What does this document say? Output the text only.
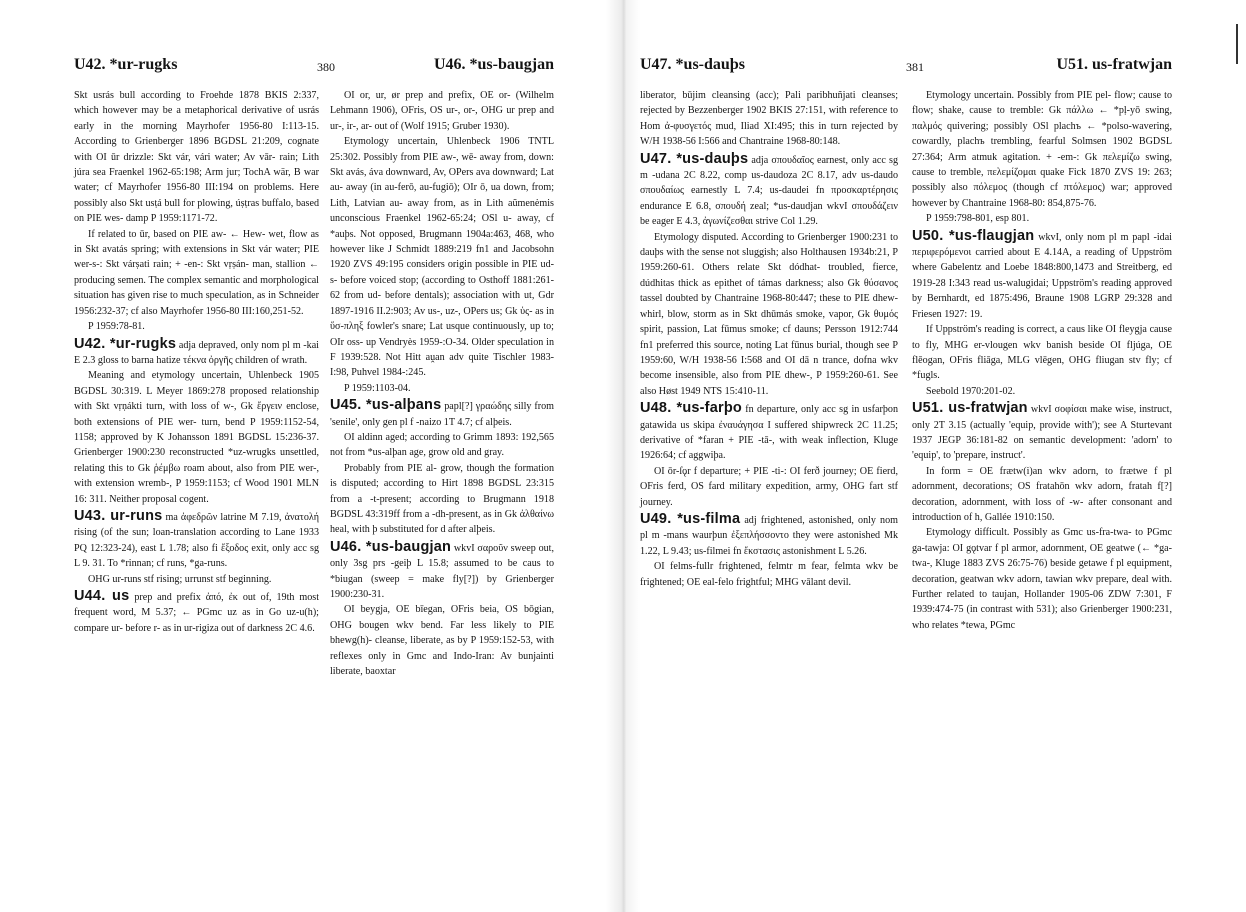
U42. *ur-rugks	380	U46. *us-baugjan

Skt usrás bull according to Froehde 1878 BKIS 2:337, which however may be a metaphorical derivative of usrás early in the morning Mayrhofer 1956-80 I:113-15. According to Grienberger 1896 BGDSL 21:209, cognate with OI ūr drizzle: Skt vár, vári water; Av vār- rain; Lith júra sea Fraenkel 1962-65:198; Arm jur; TochA wär, B war water; cf Mayrhofer 1956-80 III:194 on problems. Here possibly also Skt usṭá bull for plowing, úṣṭras buffalo, based on PIE wes- damp P 1959:1171-72.

If related to ūr, based on PIE aw- ← Hew- wet, flow as in Skt avatás spring; with extensions in Skt vár water; PIE wer-s-: Skt várṣati rain; + -en-: Skt vṛṣán- man, stallion ← producing semen. The complex semantic and morphological situation has given rise to much speculation, as in Schneider 1956:232-37; cf also Mayrhofer 1956-80 III:160,251-52.

P 1959:78-81.

U42. *ur-rugks adja depraved, only nom pl m -kai E 2.3 gloss to barna hatize τέκνα ὀργῆς children of wrath.

Meaning and etymology uncertain, Uhlenbeck 1905 BGDSL 30:319. L Meyer 1869:278 proposed relationship with Skt vṛṇákti turn, with loss of w-, Gk ἔργειν enclose, both extensions of PIE wer- turn, bend P 1959:1152-54, 1158; approved by K Johansson 1891 BGDSL 15:236-37. Grienberger 1900:230 reconstructed *uz-wrugks unsettled, relating this to Gk ῥέμβω roam about, also from PIE wer-, with extension wremb-, P 1959:1153; cf Wood 1901 MLN 16: 311. Neither proposal cogent.

U43. ur-runs ma ἀφεδρῶν latrine M 7.19, ἀνατολή rising (of the sun; loan-translation according to Lane 1933 PQ 12:323-24), east L 1.78; also fi ἔξοδος exit, only acc sg L 9. 31. To *rinnan; cf runs, *ga-runs.

OHG ur-runs stf rising; urrunst stf beginning.

U44. us prep and prefix ἀπό, ἐκ out of, 19th most frequent word, M 5.37; ← PGmc uz as in Go uz-u(h); compare ur- before r- as in ur-rigiza out of darkness 2C 4.6.

OI or, ur, ør prep and prefix, OE or- (Wilhelm Lehmann 1906), OFris, OS ur-, or-, OHG ur prep and ur-, ir-, ar- out of (Wolf 1915; Gruber 1930).

Etymology uncertain, Uhlenbeck 1906 TNTL 25:302. Possibly from PIE aw-, wē- away from, down: Skt avás, áva downward, Av, OPers ava downward; Lat au- away (in au-ferō, au-fugiō); OIr ō, ua down, from; Lith, Latvian au- away from, as in Lith aũmenėmis unconscious Fraenkel 1962-65:24; OSl u- away, cf *auþs. Not opposed, Brugmann 1904a:463, 468, who however like J Schmidt 1889:219 fn1 and Jacobsohn 1920 ZVS 49:195 considers origin possible in PIE ud-s- before voiced stop; (according to Osthoff 1881:261-62 from ud- before dentals); association with ut, Gdr 1897-1916 II.2:903; Av us-, uz-, OPers us; Gk ὑς- as in ὕσ-πληξ fowler's snare; Lat usque continuously, up to; OIr oss- up Vendryès 1959-:O-34. Older speculation in F 1939:528. Not Hitt aṷan adv quite Tischler 1983- I:98, Puhvel 1984-:245.

P 1959:1103-04.

U45. *us-alþans papl[?] γραώδης silly from 'senile', only gen pl f -naizo 1T 4.7; cf alþeis.

OI aldinn aged; according to Grimm 1893: 192,565 not from *us-alþan age, grow old and gray.

Probably from PIE al- grow, though the formation is disputed; according to Hirt 1898 BGDSL 23:315 from a -t-present; according to Brugmann 1918 BGDSL 43:319ff from a -dh-present, as in Gk ἀλθαίνω heal, with þ substituted for d after alþeis.

U46. *us-baugjan wkvI σαροῦν sweep out, only 3sg prs -geiþ L 15.8; assumed to be caus to *biugan (sweep = make fly[?]) by Grienberger 1900:230-31.

OI beygja, OE bīegan, OFris beia, OS bōgian, OHG bougen wkv bend. Far less likely to PIE bhewg(h)- cleanse, liberate, as by P 1959:152-53, with reflexes only in Gmc and Indo-Iran: Av bunjainti liberate, baoxtar

U47. *us-dauþs	381	U51. us-fratwjan

liberator, būjim cleansing (acc); Pali paribhuñjati cleanses; rejected by Bezzenberger 1902 BKIS 27:151, with reference to Hom ἀ-φυσγετός mud, Iliad XI:495; this in turn rejected by W/H 1938-56 I:566 and Chantraine 1968-80:148.

U47. *us-dauþs adja σπουδαῖος earnest, only acc sg m -udana 2C 8.22, comp us-daudoza 2C 8.17, adv us-daudo σπουδαίως earnestly L 7.4; us-daudei fn προσκαρτέρησις endurance E 6.8, σπουδή zeal; *us-daudjan wkvI σπουδάζειν be eager E 4.3, ἀγωνίζεσθαι strive Col 1.29.

Etymology disputed. According to Grienberger 1900:231 to dauþs with the sense not sluggish; also Holthausen 1934b:21, P 1959:260-61. Others relate Skt dódhat- troubled, fierce, dúdhitas thick as epithet of támas darkness; also Gk θύσανος tassel doubted by Chantraine 1968-80:447; these to PIE dhew- whirl, blow, storm as in Skt dhūmás smoke, vapor, Gk θυμός spirit, passion, Lat fūmus smoke; cf dauns; Persson 1912:744 fn1 preferred this source, noting Lat fūnus burial, though see P 1959:60, W/H 1938-56 I:568 and OI dā n trance, dofna wkv become insensible, also from PIE dhew-, P 1959:260-61. See also Høst 1949 NTS 15:410-11.

U48. *us-farþo fn departure, only acc sg in usfarþon gatawida us skipa ἐναυάγησα I suffered shipwreck 2C 11.25; derivative of *faran + PIE -tā-, with weak inflection, Kluge 1926:64; cf aggwiþa.

OI ōr-ſǫr f departure; + PIE -ti-: OI ferð journey; OE fierd, OFris ferd, OS fard military expedition, army, OHG fart stf journey.

U49. *us-filma adj frightened, astonished, only nom pl m -mans waurþun ἐξεπλήσσοντο they were astonished Mk 1.22, L 9.43; us-filmei fn ἔκστασις astonishment L 5.26.

OI felms-fullr frightened, felmtr m fear, felmta wkv be frightened; OE eal-felo frightful; MHG vālant devil.

Etymology uncertain. Possibly from PIE pel- flow; cause to flow; shake, cause to tremble: Gk πάλλω ← *pḷ-yō swing, παλμός quivering; possibly OSl plachъ ← *polso-wavering, cowardly, plachъ trembling, fearful Solmsen 1902 BGDSL 27:364; Arm atmuk agitation. + -em-: Gk πελεμίζω swing, cause to tremble, πελεμίζομαι quake Fick 1870 ZVS 19: 263; possibly also πόλεμος (though cf πτόλεμος) war; approved however by Chantraine 1968-80: 854,875-76.

P 1959:798-801, esp 801.

U50. *us-flaugjan wkvI, only nom pl m papl -idai περιφερόμενοι carried about E 4.14A, a reading of Uppström where Gabelentz and Loebe 1848:800,1473 and Streitberg, ed 1919-28 I:343 read us-walugidai; Uppström's reading approved by Bernhardt, ed 1875:496, Braune 1908 LGRP 29:328 and Friesen 1927: 19.

If Uppström's reading is correct, a caus like OI fleygja cause to fly, MHG er-vlougen wkv banish beside OI fljúga, OE flēogan, OFris fliāga, MLG vlēgen, OHG fliugan stv fly; cf *fugls.

Seebold 1970:201-02.

U51. us-fratwjan wkvI σοφίσαι make wise, instruct, only 2T 3.15 (actually 'equip, provide with'); see A Sturtevant 1937 JEGP 36:181-82 on semantic development: 'adorn' to 'equip', to 'prepare, instruct'.

In form = OE frætw(i)an wkv adorn, to frætwe f pl adornment, decorations; OS fratahōn wkv adorn, fratah f[?] decoration, adornment, with loss of -w- after consonant and introduction of h, Gallée 1910:150.

Etymology difficult. Possibly as Gmc us-fra-twa- to PGmc ga-tawja: OI gǫtvar f pl armor, adornment, OE geatwe (← *ga-twa-, Kluge 1883 ZVS 26:75-76) beside getawe f pl equipment, decoration, geatwan wkv adorn, tawian wkv prepare, deal with. Further related to taujan, Hollander 1905-06 ZDW 7:301, F 1939:474-75 (in contrast with 531); also Grienberger 1900:231, who relates *tewa, PGmc
